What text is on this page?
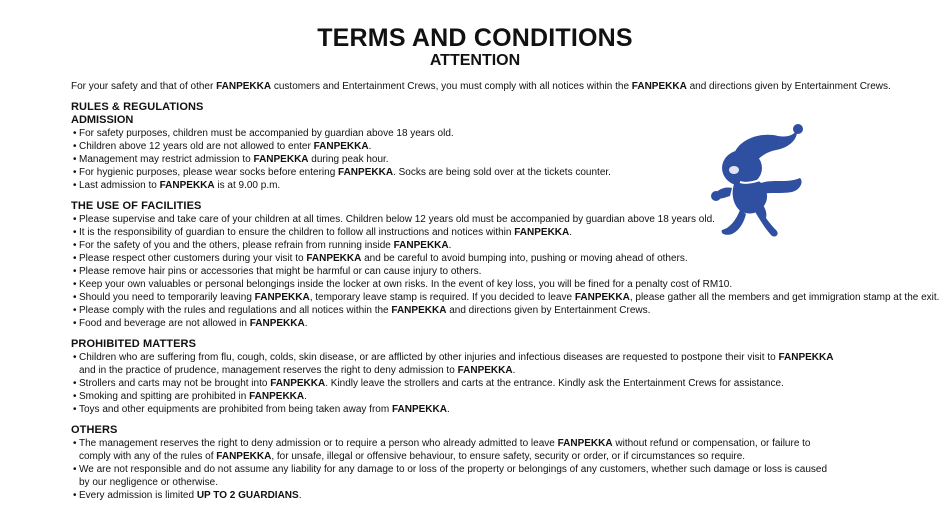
TERMS AND CONDITIONS
ATTENTION
For your safety and that of other FANPEKKA customers and Entertainment Crews, you must comply with all notices within the FANPEKKA and directions given by Entertainment Crews.
RULES & REGULATIONS
ADMISSION
• For safety purposes, children must be accompanied by guardian above 18 years old.
• Children above 12 years old are not allowed to enter FANPEKKA.
• Management may restrict admission to FANPEKKA during peak hour.
• For hygienic purposes, please wear socks before entering FANPEKKA. Socks are being sold over at the tickets counter.
• Last admission to FANPEKKA is at 9.00 p.m.
THE USE OF FACILITIES
• Please supervise and take care of your children at all times. Children below 12 years old must be accompanied by guardian above 18 years old.
• It is the responsibility of guardian to ensure the children to follow all instructions and notices within FANPEKKA.
• For the safety of you and the others, please refrain from running inside FANPEKKA.
• Please respect other customers during your visit to FANPEKKA and be careful to avoid bumping into, pushing or moving ahead of others.
• Please remove hair pins or accessories that might be harmful or can cause injury to others.
• Keep your own valuables or personal belongings inside the locker at own risks. In the event of key loss, you will be fined for a penalty cost of RM10.
• Should you need to temporarily leaving FANPEKKA, temporary leave stamp is required. If you decided to leave FANPEKKA, please gather all the members and get immigration stamp at the exit.
• Please comply with the rules and regulations and all notices within the FANPEKKA and directions given by Entertainment Crews.
• Food and beverage are not allowed in FANPEKKA.
PROHIBITED MATTERS
• Children who are suffering from flu, cough, colds, skin disease, or are afflicted by other injuries and infectious diseases are requested to postpone their visit to FANPEKKA
and in the practice of prudence, management reserves the right to deny admission to FANPEKKA.
• Strollers and carts may not be brought into FANPEKKA. Kindly leave the strollers and carts at the entrance. Kindly ask the Entertainment Crews for assistance.
• Smoking and spitting are prohibited in FANPEKKA.
• Toys and other equipments are prohibited from being taken away from FANPEKKA.
OTHERS
• The management reserves the right to deny admission or to require a person who already admitted to leave FANPEKKA without refund or compensation, or failure to
comply with any of the rules of FANPEKKA, for unsafe, illegal or offensive behaviour, to ensure safety, security or order, or if circumstances so require.
• We are not responsible and do not assume any liability for any damage to or loss of the property or belongings of any customers, whether such damage or loss is caused
by our negligence or otherwise.
• Every admission is limited UP TO 2 GUARDIANS.
